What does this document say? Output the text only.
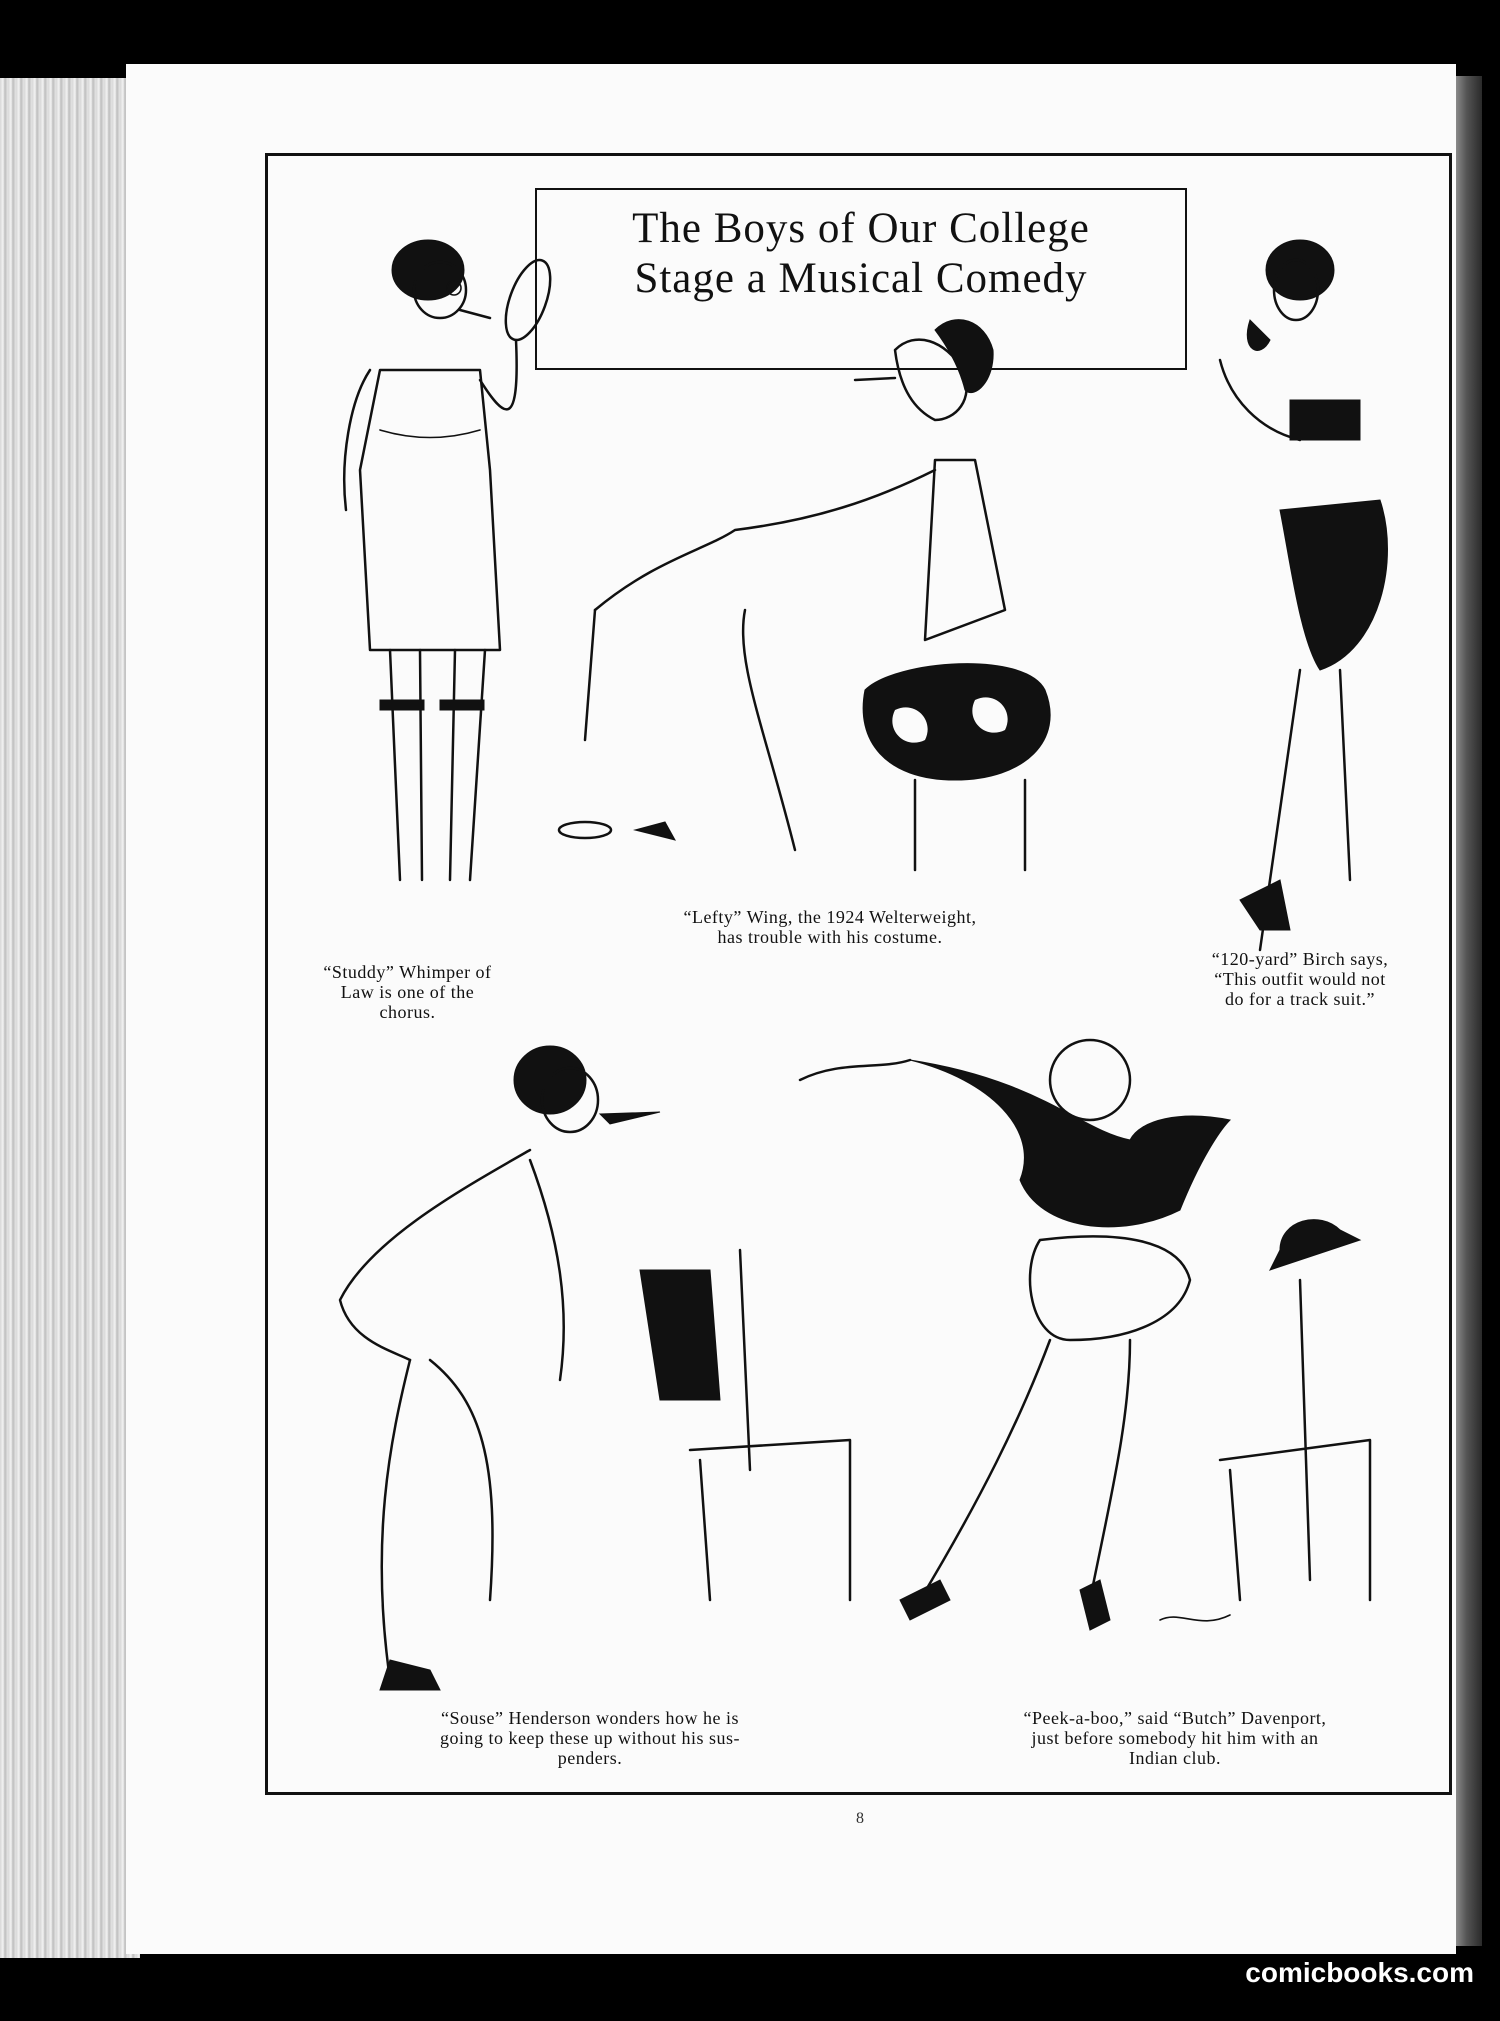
The Boys of Our College
Stage a Musical Comedy
“Studdy” Whimper of
Law is one of the
chorus.
“Lefty” Wing, the 1924 Welterweight,
has trouble with his costume.
“120-yard” Birch says,
“This outfit would not
do for a track suit.”
“Souse” Henderson wonders how he is
going to keep these up without his sus-
penders.
“Peek-a-boo,” said “Butch” Davenport,
just before somebody hit him with an
Indian club.
8
comicbooks.com
